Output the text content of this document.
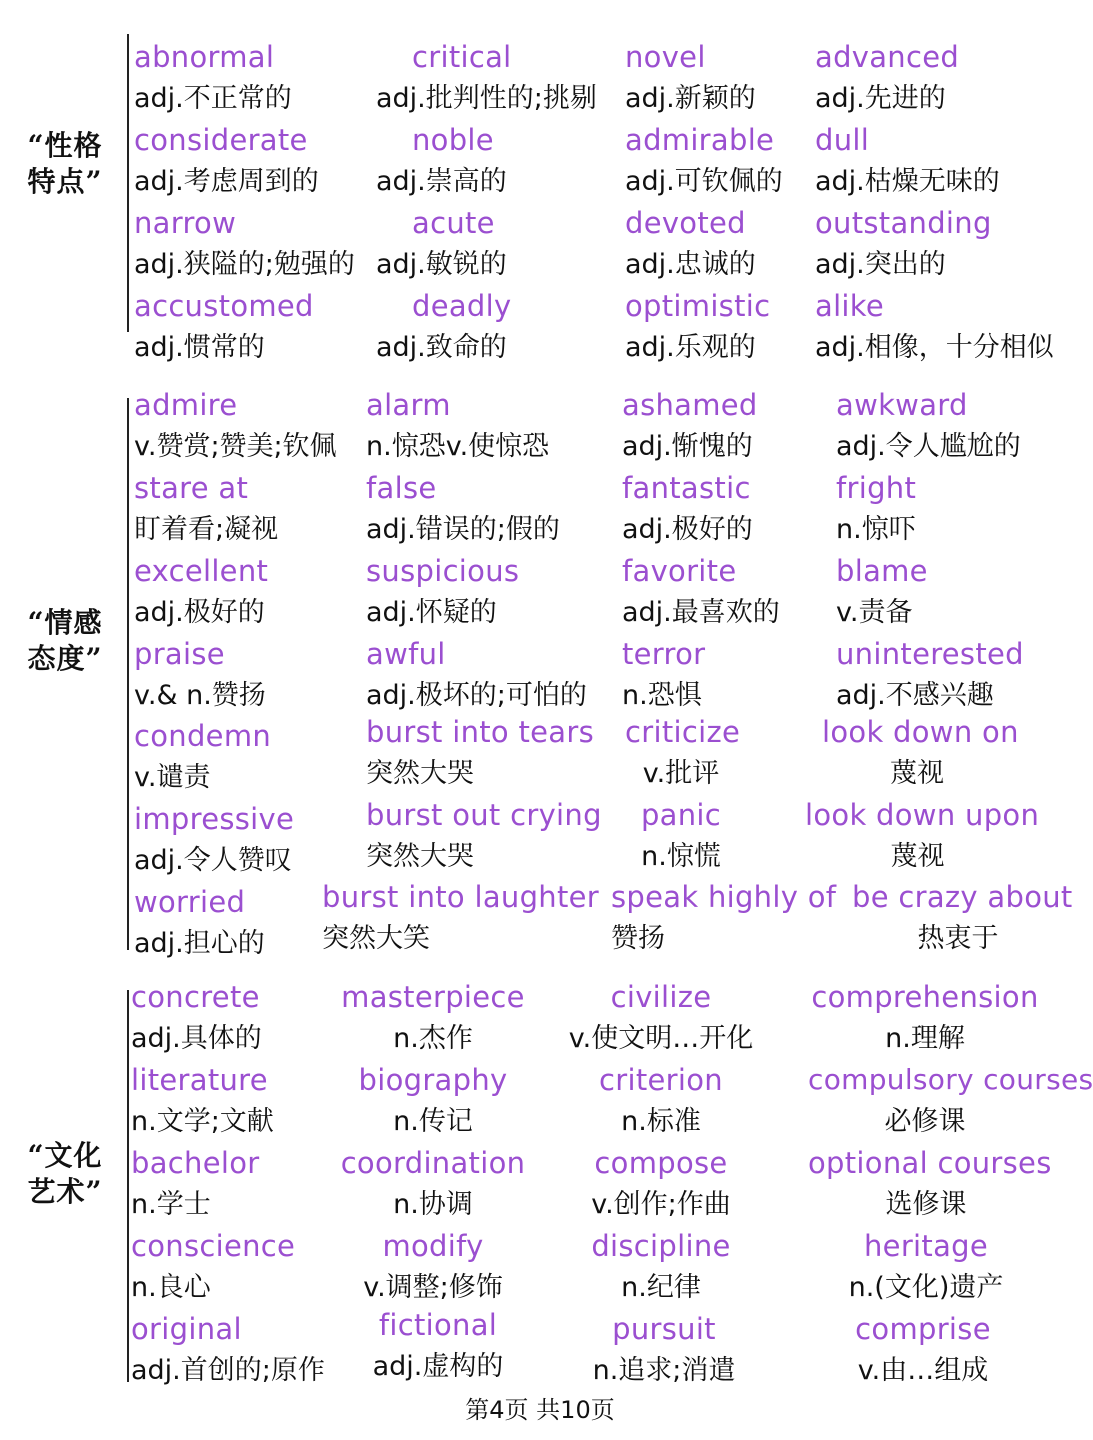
“性格
特点”
abnormal
adj.不正常的
critical
adj.批判性的;挑剔
novel
adj.新颖的
advanced
adj.先进的
considerate
adj.考虑周到的
noble
adj.崇高的
admirable
adj.可钦佩的
dull
adj.枯燥无味的
narrow
adj.狭隘的;勉强的
acute
adj.敏锐的
devoted
adj.忠诚的
outstanding
adj.突出的
accustomed
adj.惯常的
deadly
adj.致命的
optimistic
adj.乐观的
alike
adj.相像，十分相似
“情感
态度”
admire
v.赞赏;赞美;钦佩
alarm
n.惊恐v.使惊恐
ashamed
adj.惭愧的
awkward
adj.令人尴尬的
stare at
盯着看;凝视
false
adj.错误的;假的
fantastic
adj.极好的
fright
n.惊吓
excellent
adj.极好的
suspicious
adj.怀疑的
favorite
adj.最喜欢的
blame
v.责备
praise
v.& n.赞扬
awful
adj.极坏的;可怕的
terror
n.恐惧
uninterested
adj.不感兴趣
condemn
v.谴责
burst into tears
突然大哭
criticize
v.批评
look down on
蔑视
impressive
adj.令人赞叹
burst out crying
突然大哭
panic
n.惊慌
look down upon
蔑视
worried
adj.担心的
burst into laughter
突然大笑
speak highly of
赞扬
be crazy about
热衷于
“文化
艺术”
concrete
adj.具体的
masterpiece
n.杰作
civilize
v.使文明…开化
comprehension
n.理解
literature
n.文学;文献
biography
n.传记
criterion
n.标准
compulsory courses
必修课
bachelor
n.学士
coordination
n.协调
compose
v.创作;作曲
optional courses
选修课
conscience
n.良心
modify
v.调整;修饰
discipline
n.纪律
heritage
n.(文化)遗产
original
adj.首创的;原作
fictional
adj.虚构的
pursuit
n.追求;消遣
comprise
v.由…组成
第4页 共10页
